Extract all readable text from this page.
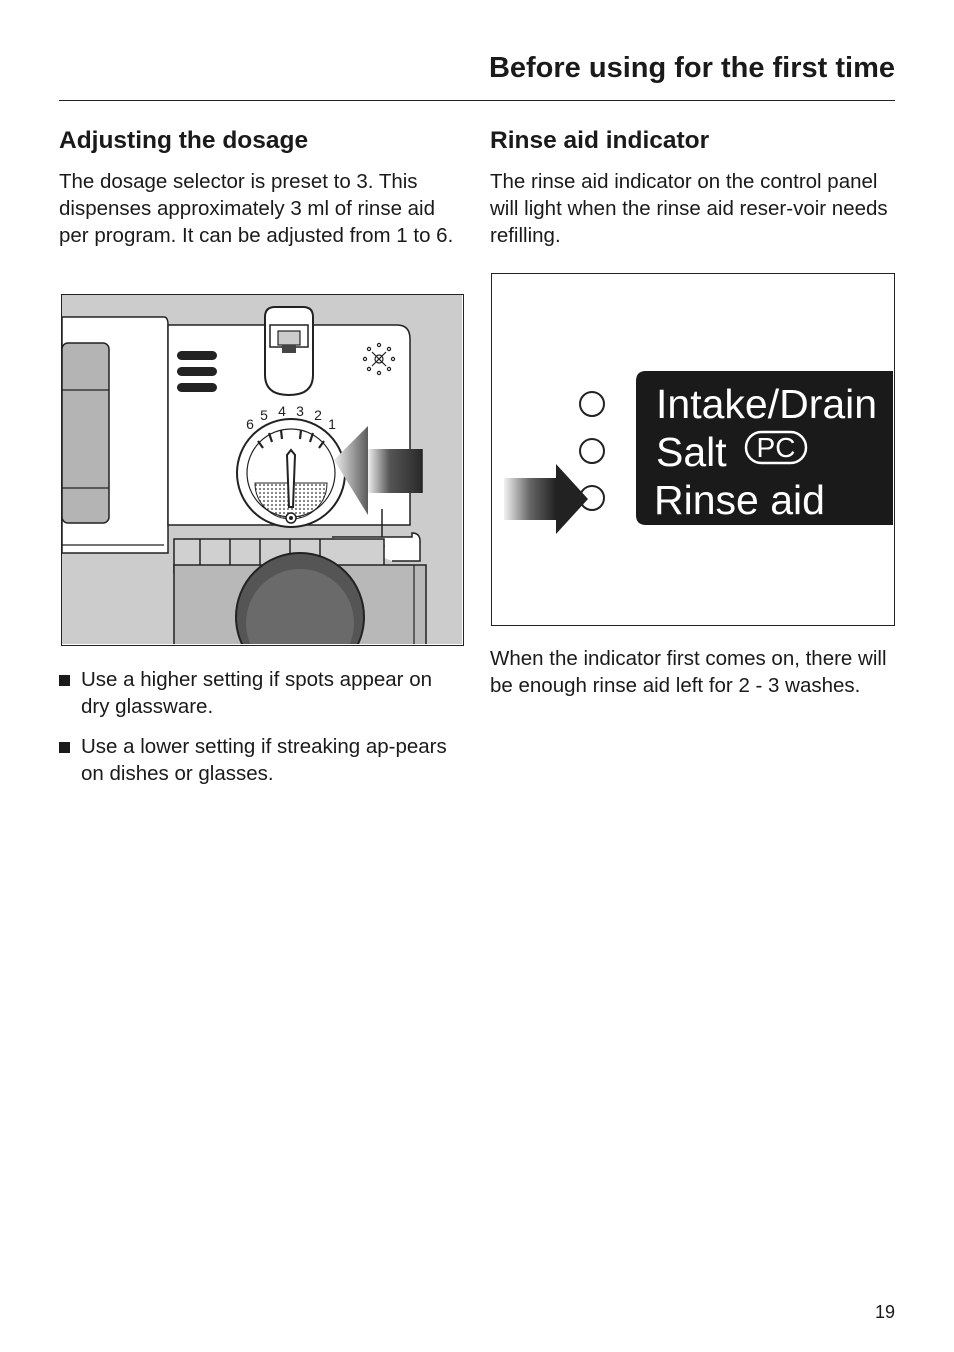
Before using for the first time
Adjusting the dosage

The dosage selector is preset to 3. This dispenses approximately 3 ml of rinse aid per program. It can be adjusted from 1 to 6.

6
5 4 3 2
1
Use a higher setting if spots appear on dry glassware.
Use a lower setting if streaking ap-pears on dishes or glasses.
Rinse aid indicator

The rinse aid indicator on the control panel will light when the rinse aid reser-voir needs refilling.

Intake/Drain
Salt PC
Rinse aid

When the indicator first comes on, there will be enough rinse aid left for 2 - 3 washes.

19
